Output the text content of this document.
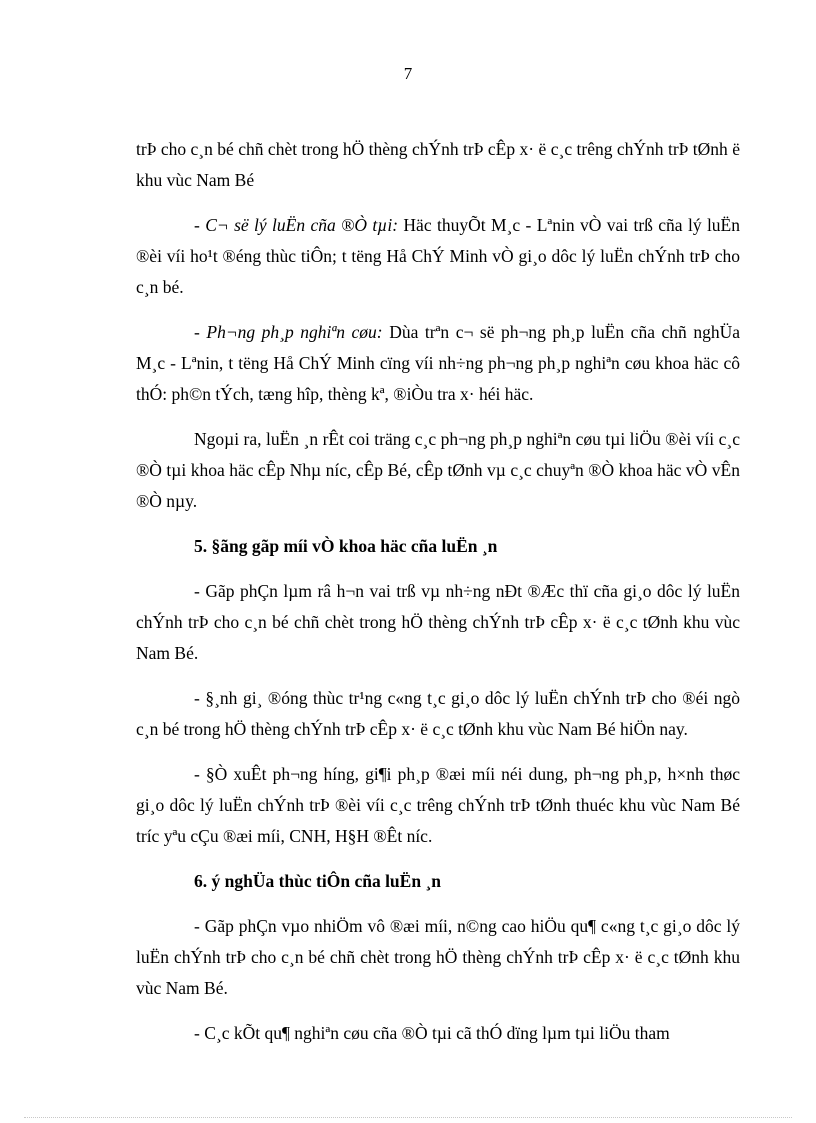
7

trÞ cho c¸n bé chñ chèt trong hÖ thèng chÝnh trÞ cÊp x· ë c¸c trêng chÝnh trÞ tØnh ë khu vùc Nam Bé

- C¬ së lý luËn cña ®Ò tµi: Häc thuyÕt M¸c - Lªnin vÒ vai trß cña lý luËn ®èi víi ho¹t ®éng thùc tiÔn; t tëng Hå ChÝ Minh vÒ gi¸o dôc lý luËn chÝnh trÞ cho c¸n bé.

- Ph¬ng ph¸p nghiªn cøu: Dùa trªn c¬ së ph¬ng ph¸p luËn cña chñ nghÜa M¸c - Lªnin, t tëng Hå ChÝ Minh cïng víi nh÷ng ph¬ng ph¸p nghiªn cøu khoa häc cô thÓ: ph©n tÝch, tæng hîp, thèng kª, ®iÒu tra x· héi häc.

Ngoµi ra, luËn ¸n rÊt coi träng c¸c ph¬ng ph¸p nghiªn cøu tµi liÖu ®èi víi c¸c ®Ò tµi khoa häc cÊp Nhµ níc, cÊp Bé, cÊp tØnh vµ c¸c chuyªn ®Ò khoa häc vÒ vÊn ®Ò nµy.

5. §ãng gãp míi vÒ khoa häc cña luËn ¸n

- Gãp phÇn lµm râ h¬n vai trß vµ nh÷ng nÐt ®Æc thï cña gi¸o dôc lý luËn chÝnh trÞ cho c¸n bé chñ chèt trong hÖ thèng chÝnh trÞ cÊp x· ë c¸c tØnh khu vùc Nam Bé.

- §¸nh gi¸ ®óng thùc tr¹ng c«ng t¸c gi¸o dôc lý luËn chÝnh trÞ cho ®éi ngò c¸n bé trong hÖ thèng chÝnh trÞ cÊp x· ë c¸c tØnh khu vùc Nam Bé hiÖn nay.

- §Ò xuÊt ph¬ng híng, gi¶i ph¸p ®æi míi néi dung, ph¬ng ph¸p, h×nh thøc gi¸o dôc lý luËn chÝnh trÞ ®èi víi c¸c trêng chÝnh trÞ tØnh thuéc khu vùc Nam Bé tríc yªu cÇu ®æi míi, CNH, H§H ®Êt níc.

6. ý nghÜa thùc tiÔn cña luËn ¸n

- Gãp phÇn vµo nhiÖm vô ®æi míi, n©ng cao hiÖu qu¶ c«ng t¸c gi¸o dôc lý luËn chÝnh trÞ cho c¸n bé chñ chèt trong hÖ thèng chÝnh trÞ cÊp x· ë c¸c tØnh khu vùc Nam Bé.

- C¸c kÕt qu¶ nghiªn cøu cña ®Ò tµi cã thÓ dïng lµm tµi liÖu tham
